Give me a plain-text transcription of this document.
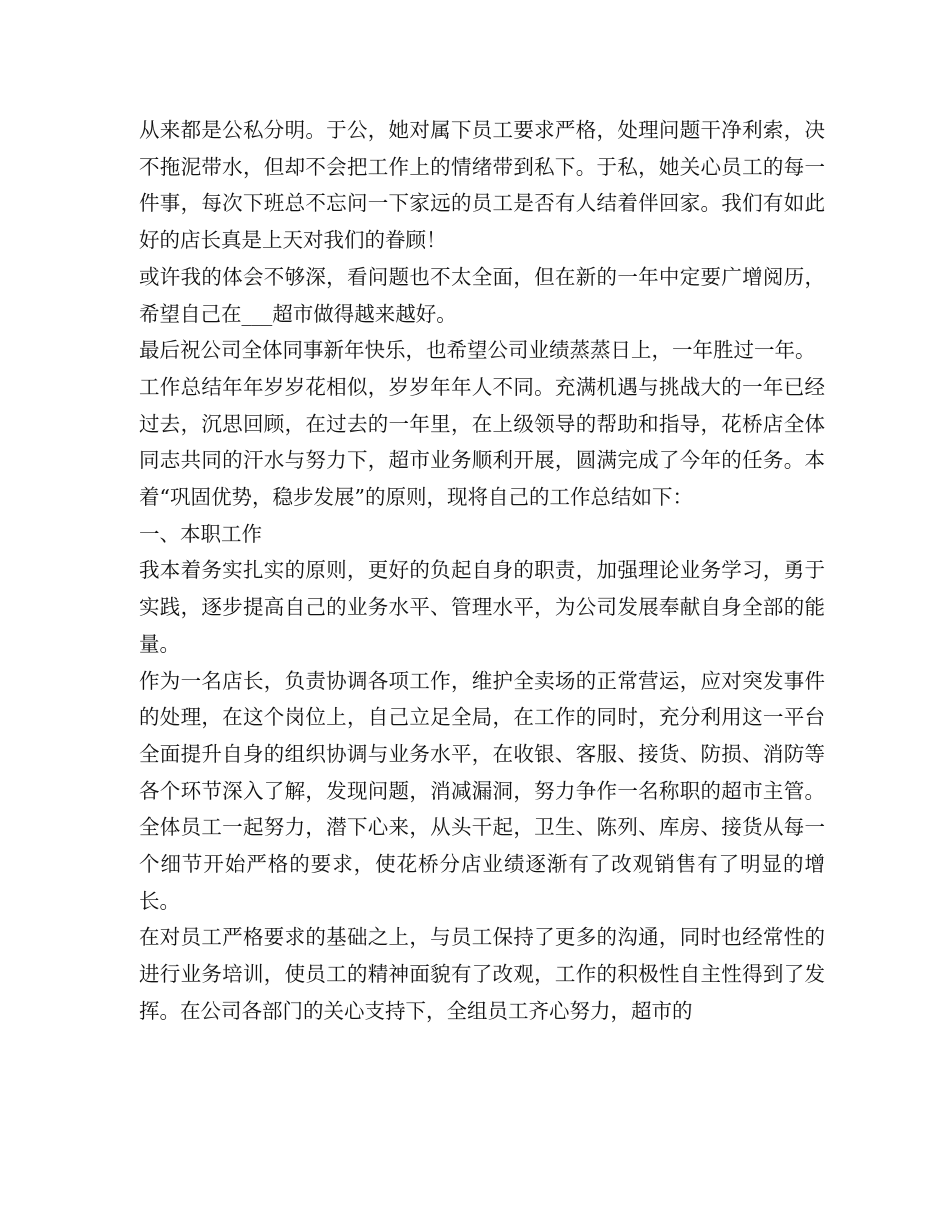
从来都是公私分明。于公，她对属下员工要求严格，处理问题干净利索，决不拖泥带水，但却不会把工作上的情绪带到私下。于私，她关心员工的每一件事，每次下班总不忘问一下家远的员工是否有人结着伴回家。我们有如此好的店长真是上天对我们的眷顾！

或许我的体会不够深，看问题也不太全面，但在新的一年中定要广增阅历，希望自己在___超市做得越来越好。

最后祝公司全体同事新年快乐，也希望公司业绩蒸蒸日上，一年胜过一年。

工作总结年年岁岁花相似，岁岁年年人不同。充满机遇与挑战大的一年已经过去，沉思回顾，在过去的一年里，在上级领导的帮助和指导，花桥店全体同志共同的汗水与努力下，超市业务顺利开展，圆满完成了今年的任务。本着“巩固优势，稳步发展”的原则，现将自己的工作总结如下：

一、本职工作

我本着务实扎实的原则，更好的负起自身的职责，加强理论业务学习，勇于实践，逐步提高自己的业务水平、管理水平，为公司发展奉献自身全部的能量。

作为一名店长，负责协调各项工作，维护全卖场的正常营运，应对突发事件的处理，在这个岗位上，自己立足全局，在工作的同时，充分利用这一平台全面提升自身的组织协调与业务水平，在收银、客服、接货、防损、消防等各个环节深入了解，发现问题，消减漏洞，努力争作一名称职的超市主管。全体员工一起努力，潜下心来，从头干起，卫生、陈列、库房、接货从每一个细节开始严格的要求，使花桥分店业绩逐渐有了改观销售有了明显的增长。

在对员工严格要求的基础之上，与员工保持了更多的沟通，同时也经常性的进行业务培训，使员工的精神面貌有了改观，工作的积极性自主性得到了发挥。在公司各部门的关心支持下，全组员工齐心努力，超市的
